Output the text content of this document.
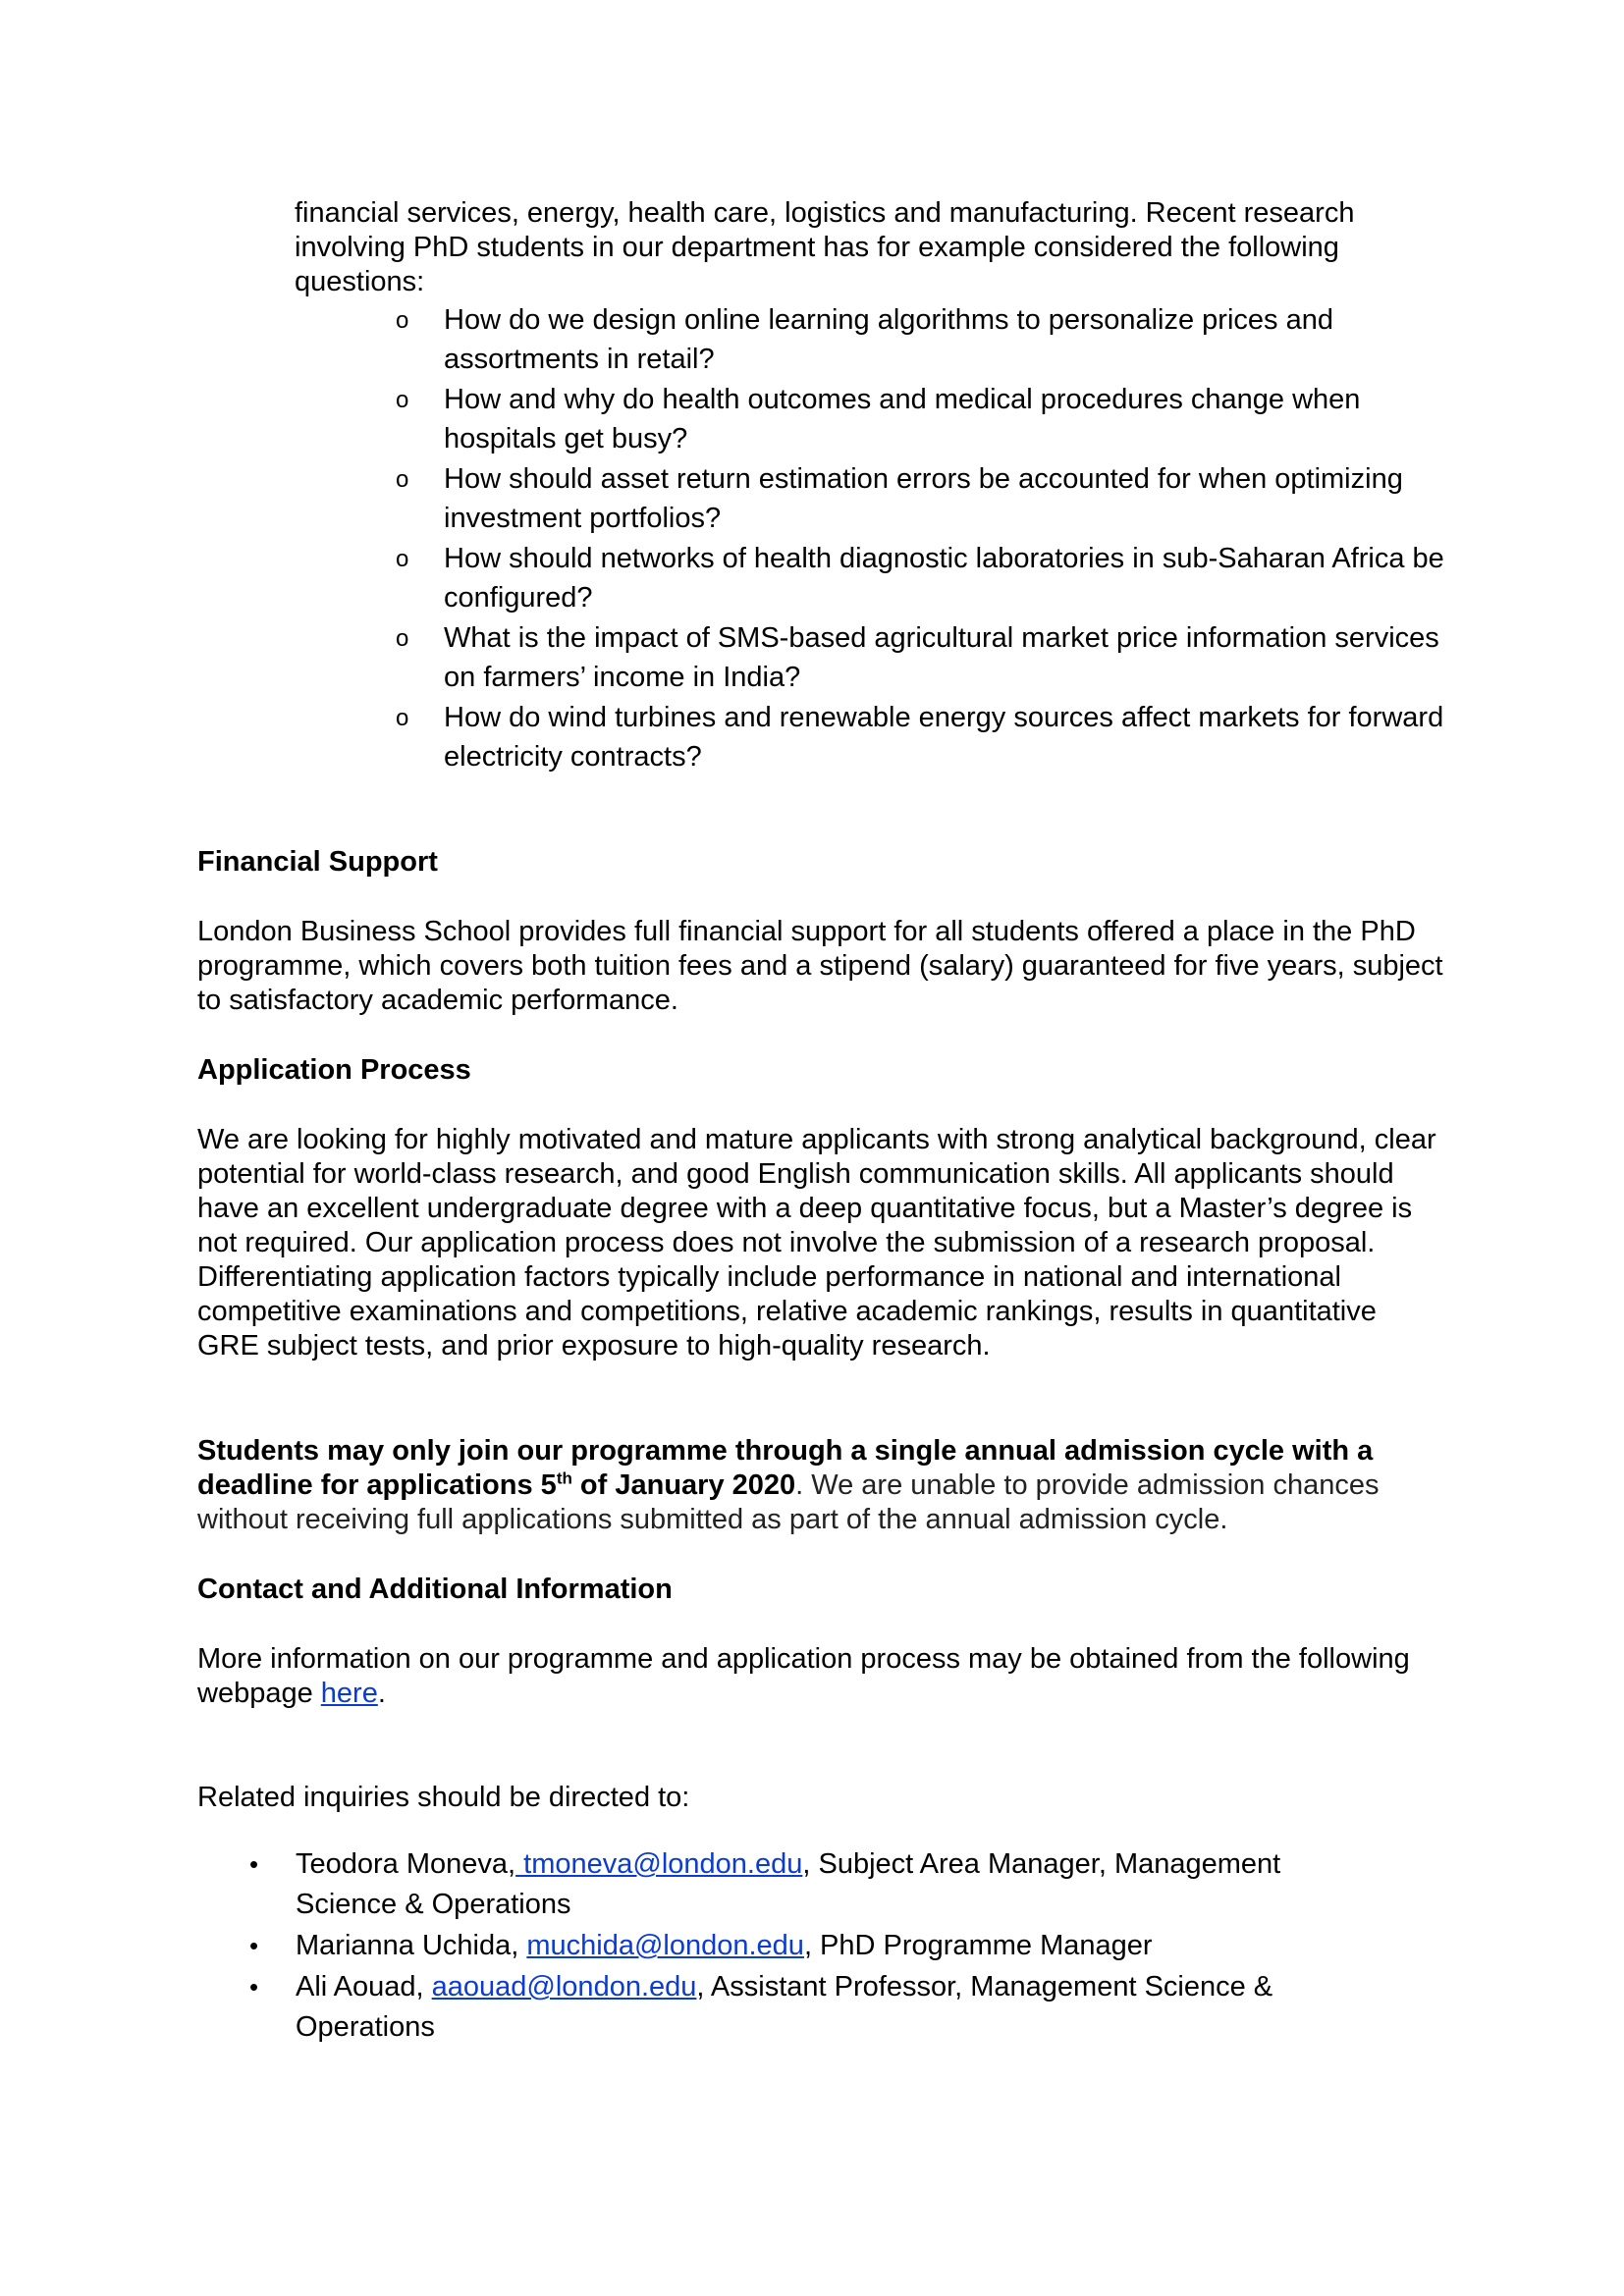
financial services, energy, health care, logistics and manufacturing. Recent research involving PhD students in our department has for example considered the following questions:

o How do we design online learning algorithms to personalize prices and assortments in retail?
o How and why do health outcomes and medical procedures change when hospitals get busy?
o How should asset return estimation errors be accounted for when optimizing investment portfolios?
o How should networks of health diagnostic laboratories in sub-Saharan Africa be configured?
o What is the impact of SMS-based agricultural market price information services on farmers’ income in India?
o How do wind turbines and renewable energy sources affect markets for forward electricity contracts?

Financial Support

London Business School provides full financial support for all students offered a place in the PhD programme, which covers both tuition fees and a stipend (salary) guaranteed for five years, subject to satisfactory academic performance.

Application Process

We are looking for highly motivated and mature applicants with strong analytical background, clear potential for world-class research, and good English communication skills. All applicants should have an excellent undergraduate degree with a deep quantitative focus, but a Master’s degree is not required. Our application process does not involve the submission of a research proposal. Differentiating application factors typically include performance in national and international competitive examinations and competitions, relative academic rankings, results in quantitative GRE subject tests, and prior exposure to high-quality research.

Students may only join our programme through a single annual admission cycle with a deadline for applications 5th of January 2020. We are unable to provide admission chances without receiving full applications submitted as part of the annual admission cycle.

Contact and Additional Information

More information on our programme and application process may be obtained from the following webpage here.

Related inquiries should be directed to:

• Teodora Moneva, tmoneva@london.edu, Subject Area Manager, Management Science & Operations
• Marianna Uchida, muchida@london.edu, PhD Programme Manager
• Ali Aouad, aaouad@london.edu, Assistant Professor, Management Science & Operations
